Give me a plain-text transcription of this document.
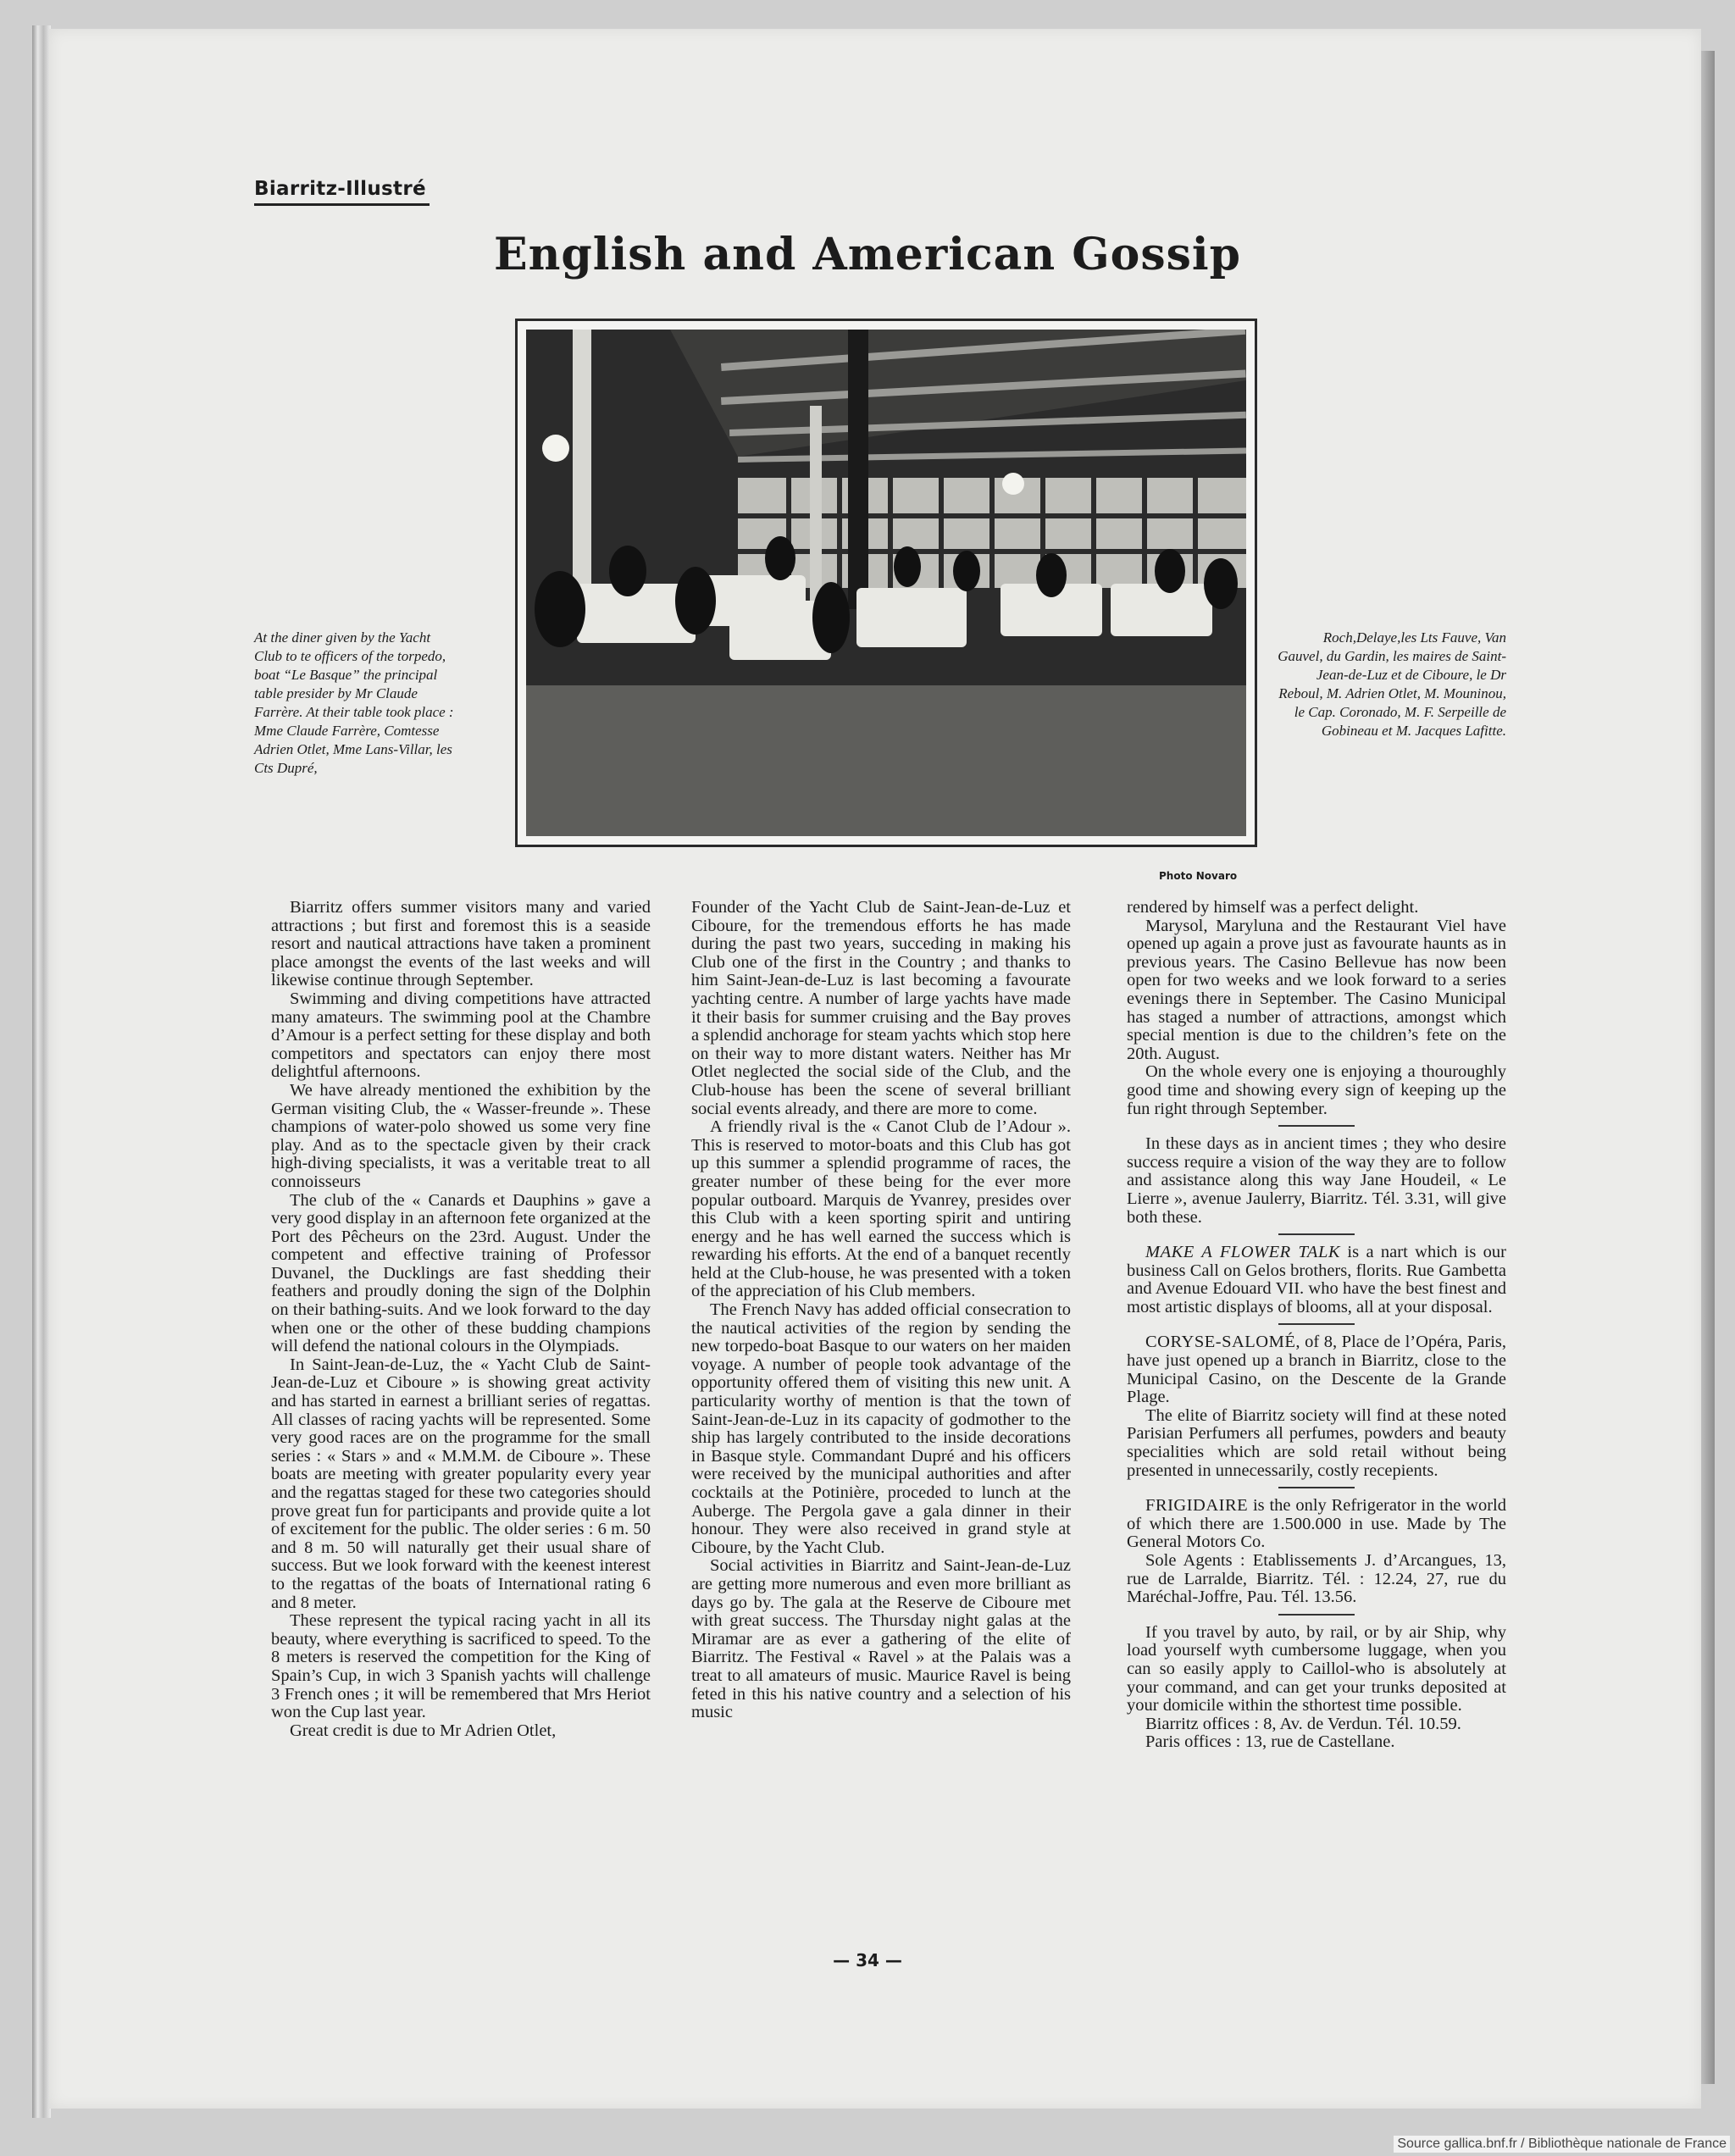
Biarritz-Illustré
English and American Gossip
At the diner given by the Yacht Club to te officers of the torpedo, boat “Le Basque” the principal table presider by Mr Claude Farrère. At their table took place : Mme Claude Farrère, Comtesse Adrien Otlet, Mme Lans-Villar, les Cts Dupré,
Roch,Delaye,les Lts Fauve, Van Gauvel, du Gardin, les maires de Saint-Jean-de-Luz et de Ciboure, le Dr Reboul, M. Adrien Otlet, M. Mouninou, le Cap. Coronado, M. F. Serpeille de Gobineau et M. Jacques Lafitte.
Photo Novaro

Biarritz offers summer visitors many and varied attractions ; but first and foremost this is a seaside resort and nautical attractions have taken a prominent place amongst the events of the last weeks and will likewise continue through September.

Swimming and diving competitions have attracted many amateurs. The swimming pool at the Chambre d’Amour is a perfect setting for these display and both competitors and spectators can enjoy there most delightful afternoons.

We have already mentioned the exhibition by the German visiting Club, the « Wasser-freunde ». These champions of water-polo showed us some very fine play. And as to the spectacle given by their crack high-diving specialists, it was a veritable treat to all connoisseurs

The club of the « Canards et Dauphins » gave a very good display in an afternoon fete organized at the Port des Pêcheurs on the 23rd. August. Under the competent and effective training of Professor Duvanel, the Ducklings are fast shedding their feathers and proudly doning the sign of the Dolphin on their bathing-suits. And we look forward to the day when one or the other of these budding champions will defend the national colours in the Olympiads.

In Saint-Jean-de-Luz, the « Yacht Club de Saint-Jean-de-Luz et Ciboure » is showing great activity and has started in earnest a brilliant series of regattas. All classes of racing yachts will be represented. Some very good races are on the programme for the small series : « Stars » and « M.M.M. de Ciboure ». These boats are meeting with greater popularity every year and the regattas staged for these two categories should prove great fun for participants and provide quite a lot of excitement for the public. The older series : 6 m. 50 and 8 m. 50 will naturally get their usual share of success. But we look forward with the keenest interest to the regattas of the boats of International rating 6 and 8 meter.

These represent the typical racing yacht in all its beauty, where everything is sacrificed to speed. To the 8 meters is reserved the competition for the King of Spain’s Cup, in wich 3 Spanish yachts will challenge 3 French ones ; it will be remembered that Mrs Heriot won the Cup last year.

Great credit is due to Mr Adrien Otlet,

Founder of the Yacht Club de Saint-Jean-de-Luz et Ciboure, for the tremendous efforts he has made during the past two years, succeding in making his Club one of the first in the Country ; and thanks to him Saint-Jean-de-Luz is last becoming a favourate yachting centre. A number of large yachts have made it their basis for summer cruising and the Bay proves a splendid anchorage for steam yachts which stop here on their way to more distant waters. Neither has Mr Otlet neglected the social side of the Club, and the Club-house has been the scene of several brilliant social events already, and there are more to come.

A friendly rival is the « Canot Club de l’Adour ». This is reserved to motor-boats and this Club has got up this summer a splendid programme of races, the greater number of these being for the ever more popular outboard. Marquis de Yvanrey, presides over this Club with a keen sporting spirit and untiring energy and he has well earned the success which is rewarding his efforts. At the end of a banquet recently held at the Club-house, he was presented with a token of the appreciation of his Club members.

The French Navy has added official consecration to the nautical activities of the region by sending the new torpedo-boat Basque to our waters on her maiden voyage. A number of people took advantage of the opportunity offered them of visiting this new unit. A particularity worthy of mention is that the town of Saint-Jean-de-Luz in its capacity of godmother to the ship has largely contributed to the inside decorations in Basque style. Commandant Dupré and his officers were received by the municipal authorities and after cocktails at the Potinière, proceded to lunch at the Auberge. The Pergola gave a gala dinner in their honour. They were also received in grand style at Ciboure, by the Yacht Club.

Social activities in Biarritz and Saint-Jean-de-Luz are getting more numerous and even more brilliant as days go by. The gala at the Reserve de Ciboure met with great success. The Thursday night galas at the Miramar are as ever a gathering of the elite of Biarritz. The Festival « Ravel » at the Palais was a treat to all amateurs of music. Maurice Ravel is being feted in this his native country and a selection of his music

rendered by himself was a perfect delight.

Marysol, Maryluna and the Restaurant Viel have opened up again a prove just as favourate haunts as in previous years. The Casino Bellevue has now been open for two weeks and we look forward to a series evenings there in September. The Casino Municipal has staged a number of attractions, amongst which special mention is due to the children’s fete on the 20th. August.

On the whole every one is enjoying a thouroughly good time and showing every sign of keeping up the fun right through September.

In these days as in ancient times ; they who desire success require a vision of the way they are to follow and assistance along this way Jane Houdeil, « Le Lierre », avenue Jaulerry, Biarritz. Tél. 3.31, will give both these.

MAKE A FLOWER TALK is a nart which is our business Call on Gelos brothers, florits. Rue Gambetta and Avenue Edouard VII. who have the best finest and most artistic displays of blooms, all at your disposal.

CORYSE-SALOMÉ, of 8, Place de l’Opéra, Paris, have just opened up a branch in Biarritz, close to the Municipal Casino, on the Descente de la Grande Plage.

The elite of Biarritz society will find at these noted Parisian Perfumers all perfumes, powders and beauty specialities which are sold retail without being presented in unnecessarily, costly recepients.

FRIGIDAIRE is the only Refrigerator in the world of which there are 1.500.000 in use. Made by The General Motors Co.

Sole Agents : Etablissements J. d’Arcangues, 13, rue de Larralde, Biarritz. Tél. : 12.24, 27, rue du Maréchal-Joffre, Pau. Tél. 13.56.

If you travel by auto, by rail, or by air Ship, why load yourself wyth cumbersome luggage, when you can so easily apply to Caillol-who is absolutely at your command, and can get your trunks deposited at your domicile within the sthortest time possible.

Biarritz offices : 8, Av. de Verdun. Tél. 10.59.

Paris offices : 13, rue de Castellane.

— 34 —
Source gallica.bnf.fr / Bibliothèque nationale de France
